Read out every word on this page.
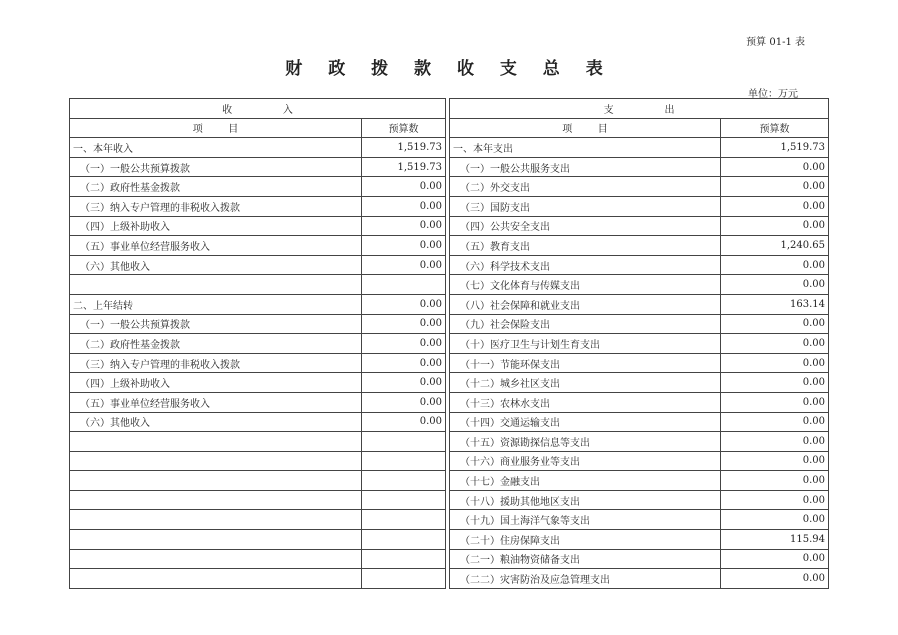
预算 01-1 表
财 政 拨 款 收 支 总 表
单位：万元
收                入			支                出	
项        目	预算数		项        目	预算数
一、本年收入	1,519.73		一、本年支出	1,519.73
（一）一般公共预算拨款	1,519.73		（一）一般公共服务支出	0.00
（二）政府性基金拨款	0.00		（二）外交支出	0.00
（三）纳入专户管理的非税收入拨款	0.00		（三）国防支出	0.00
（四）上级补助收入	0.00		（四）公共安全支出	0.00
（五）事业单位经营服务收入	0.00		（五）教育支出	1,240.65
（六）其他收入	0.00		（六）科学技术支出	0.00
			（七）文化体育与传媒支出	0.00
二、上年结转	0.00		（八）社会保障和就业支出	163.14
（一）一般公共预算拨款	0.00		（九）社会保险支出	0.00
（二）政府性基金拨款	0.00		（十）医疗卫生与计划生育支出	0.00
（三）纳入专户管理的非税收入拨款	0.00		（十一）节能环保支出	0.00
（四）上级补助收入	0.00		（十二）城乡社区支出	0.00
（五）事业单位经营服务收入	0.00		（十三）农林水支出	0.00
（六）其他收入	0.00		（十四）交通运输支出	0.00
			（十五）资源勘探信息等支出	0.00
			（十六）商业服务业等支出	0.00
			（十七）金融支出	0.00
			（十八）援助其他地区支出	0.00
			（十九）国土海洋气象等支出	0.00
			（二十）住房保障支出	115.94
			（二一）粮油物资储备支出	0.00
			（二二）灾害防治及应急管理支出	0.00
